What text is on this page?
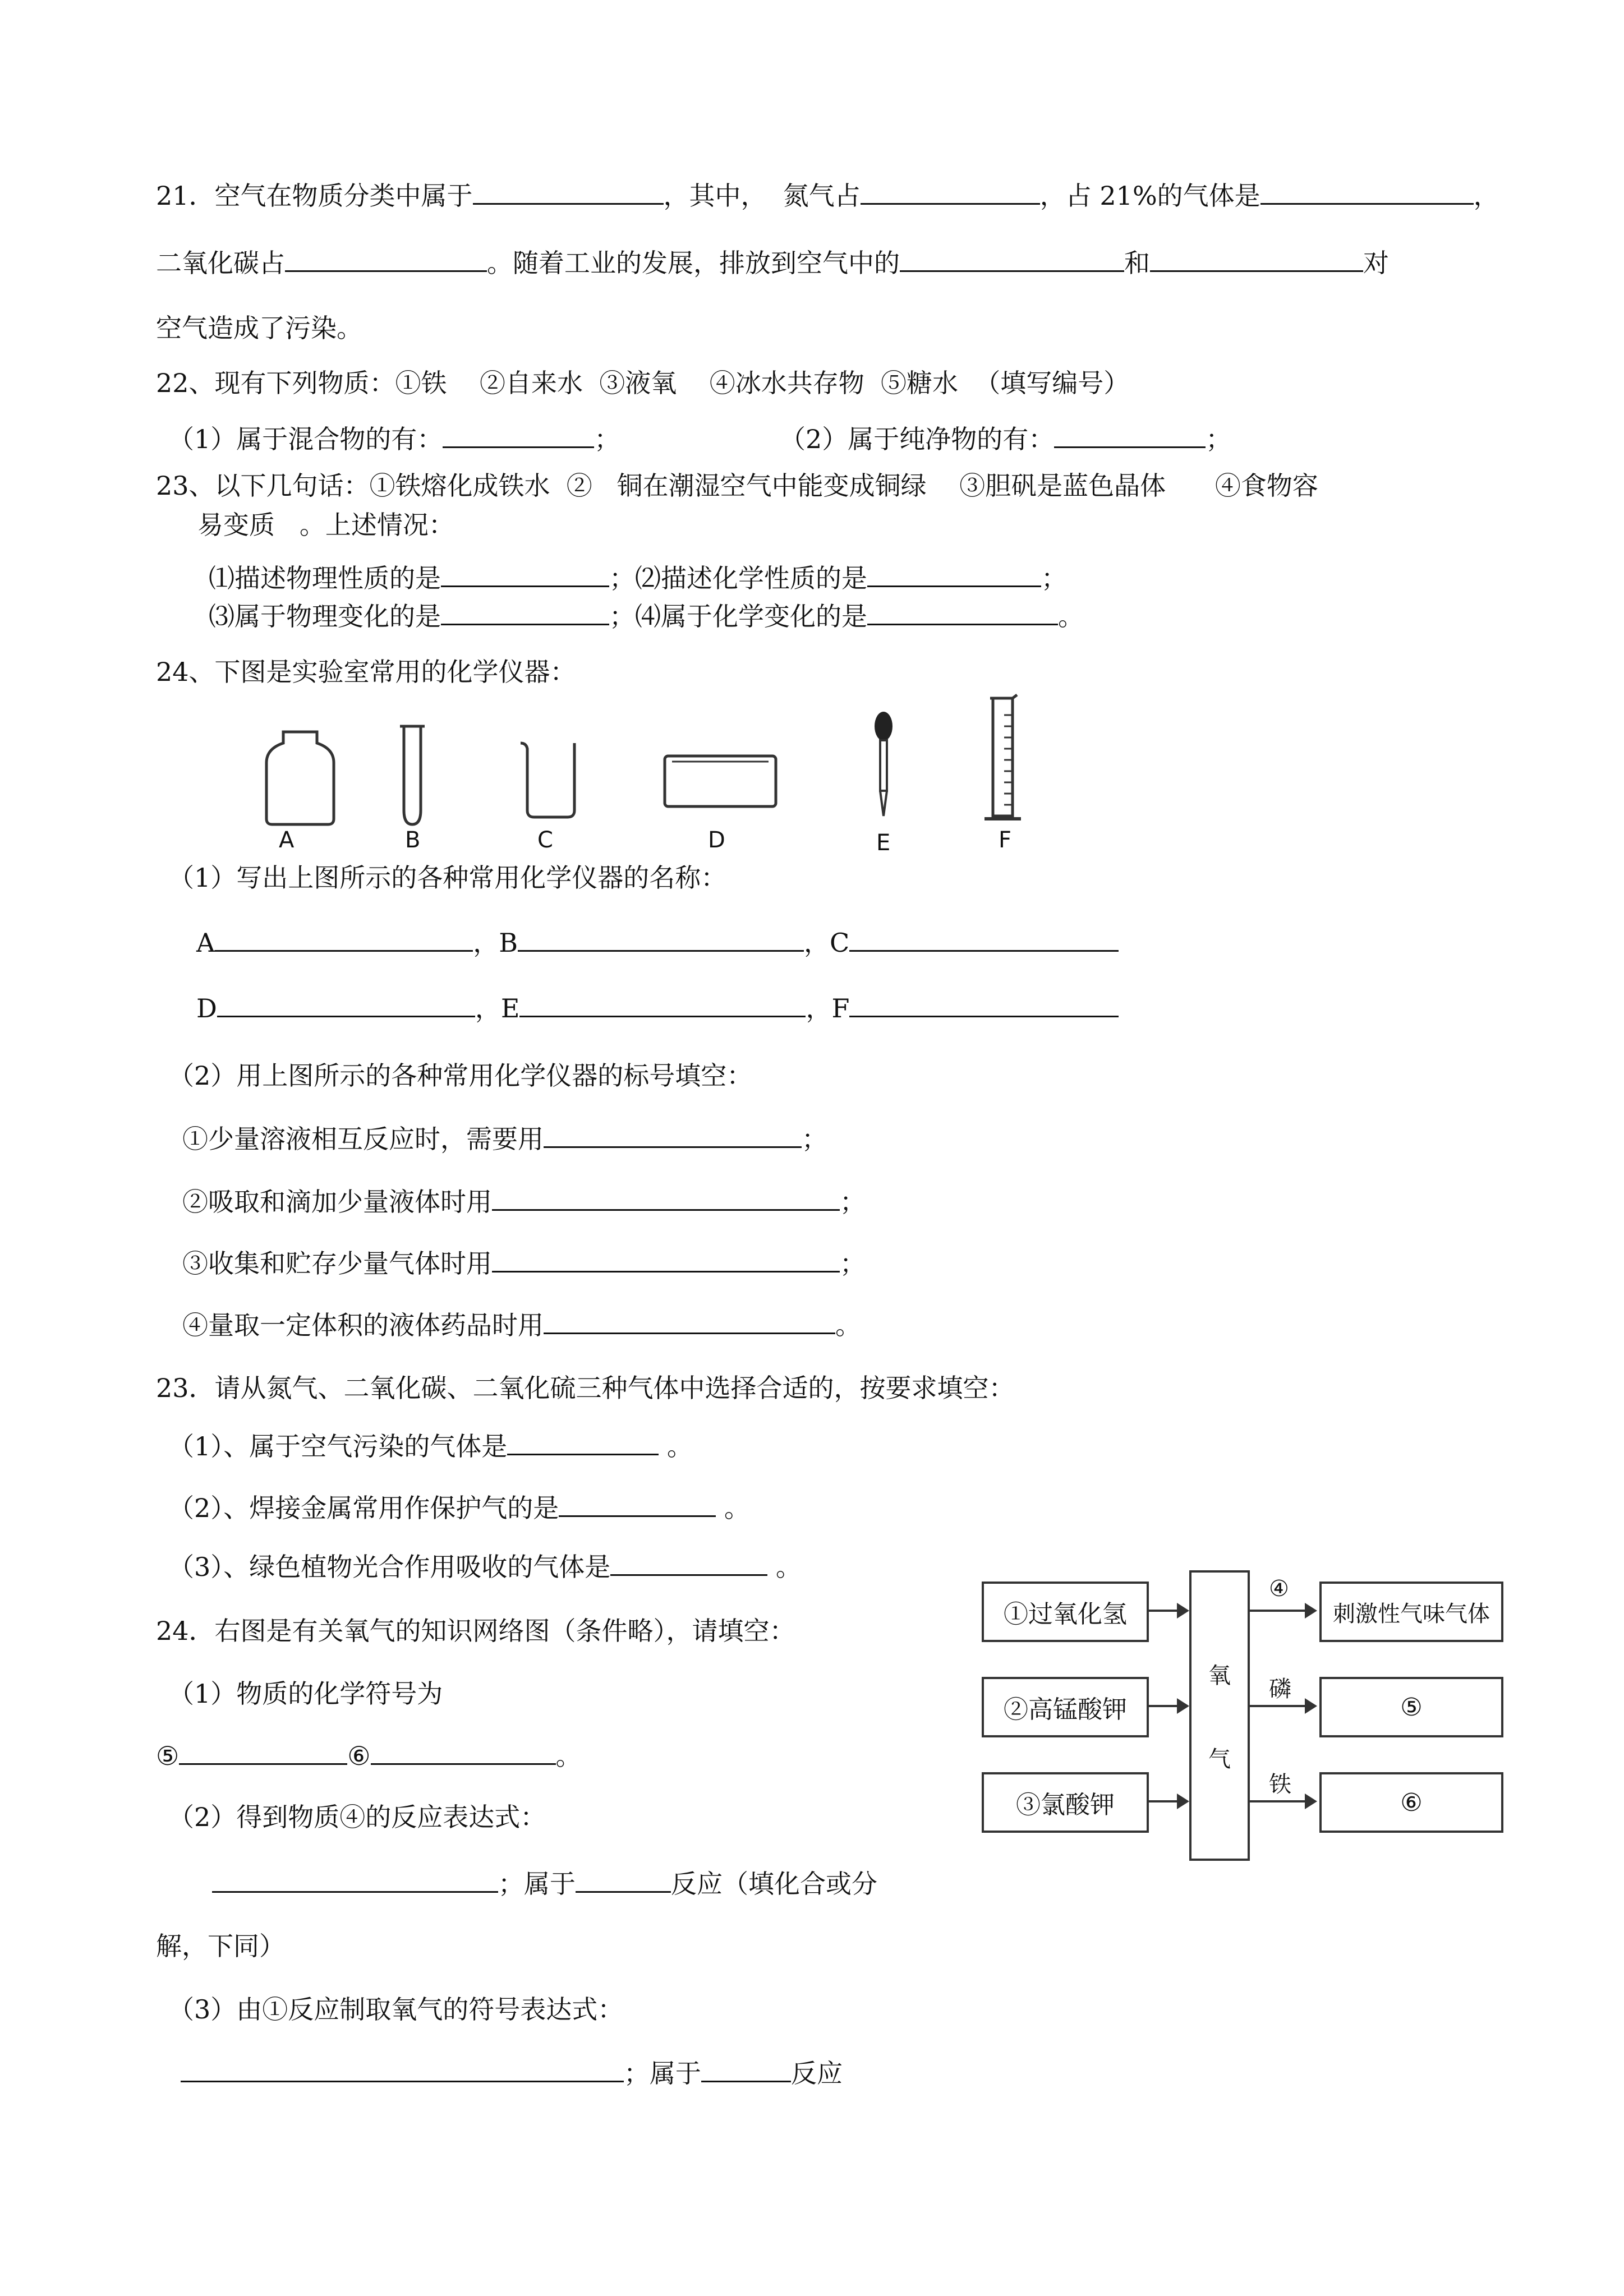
21．空气在物质分类中属于	，其中，  氮气占	，占 21%的气体是	，
二氧化碳占	。随着工业的发展，排放到空气中的	和	对
空气造成了污染。
22、现有下列物质：①铁    ②自来水  ③液氧    ④冰水共存物  ⑤糖水  （填写编号）
（1）属于混合物的有：	；	（2）属于纯净物的有：	；
23、以下几句话：①铁熔化成铁水  ②   铜在潮湿空气中能变成铜绿    ③胆矾是蓝色晶体      ④食物容
易变质   。上述情况：
⑴描述物理性质的是	；⑵描述化学性质的是	；
⑶属于物理变化的是	；⑷属于化学变化的是	。
24、下图是实验室常用的化学仪器：
A	B	C	D	E	F
（1）写出上图所示的各种常用化学仪器的名称：
A	，B	，C
D	，E	，F
（2）用上图所示的各种常用化学仪器的标号填空：
①少量溶液相互反应时，需要用	；
②吸取和滴加少量液体时用	；
③收集和贮存少量气体时用	；
④量取一定体积的液体药品时用	。
23．请从氮气、二氧化碳、二氧化硫三种气体中选择合适的，按要求填空：
（1）、属于空气污染的气体是	。
（2）、焊接金属常用作保护气的是	。
（3）、绿色植物光合作用吸收的气体是	。
24．右图是有关氧气的知识网络图（条件略），请填空：
（1）物质的化学符号为
⑤	⑥	。
（2）得到物质④的反应表达式：
；属于	反应（填化合或分
解，下同）
（3）由①反应制取氧气的符号表达式：
；属于	反应
①过氧化氢
②高锰酸钾
③氯酸钾
氧

气
④
磷
铁
刺激性气味气体
⑤
⑥
